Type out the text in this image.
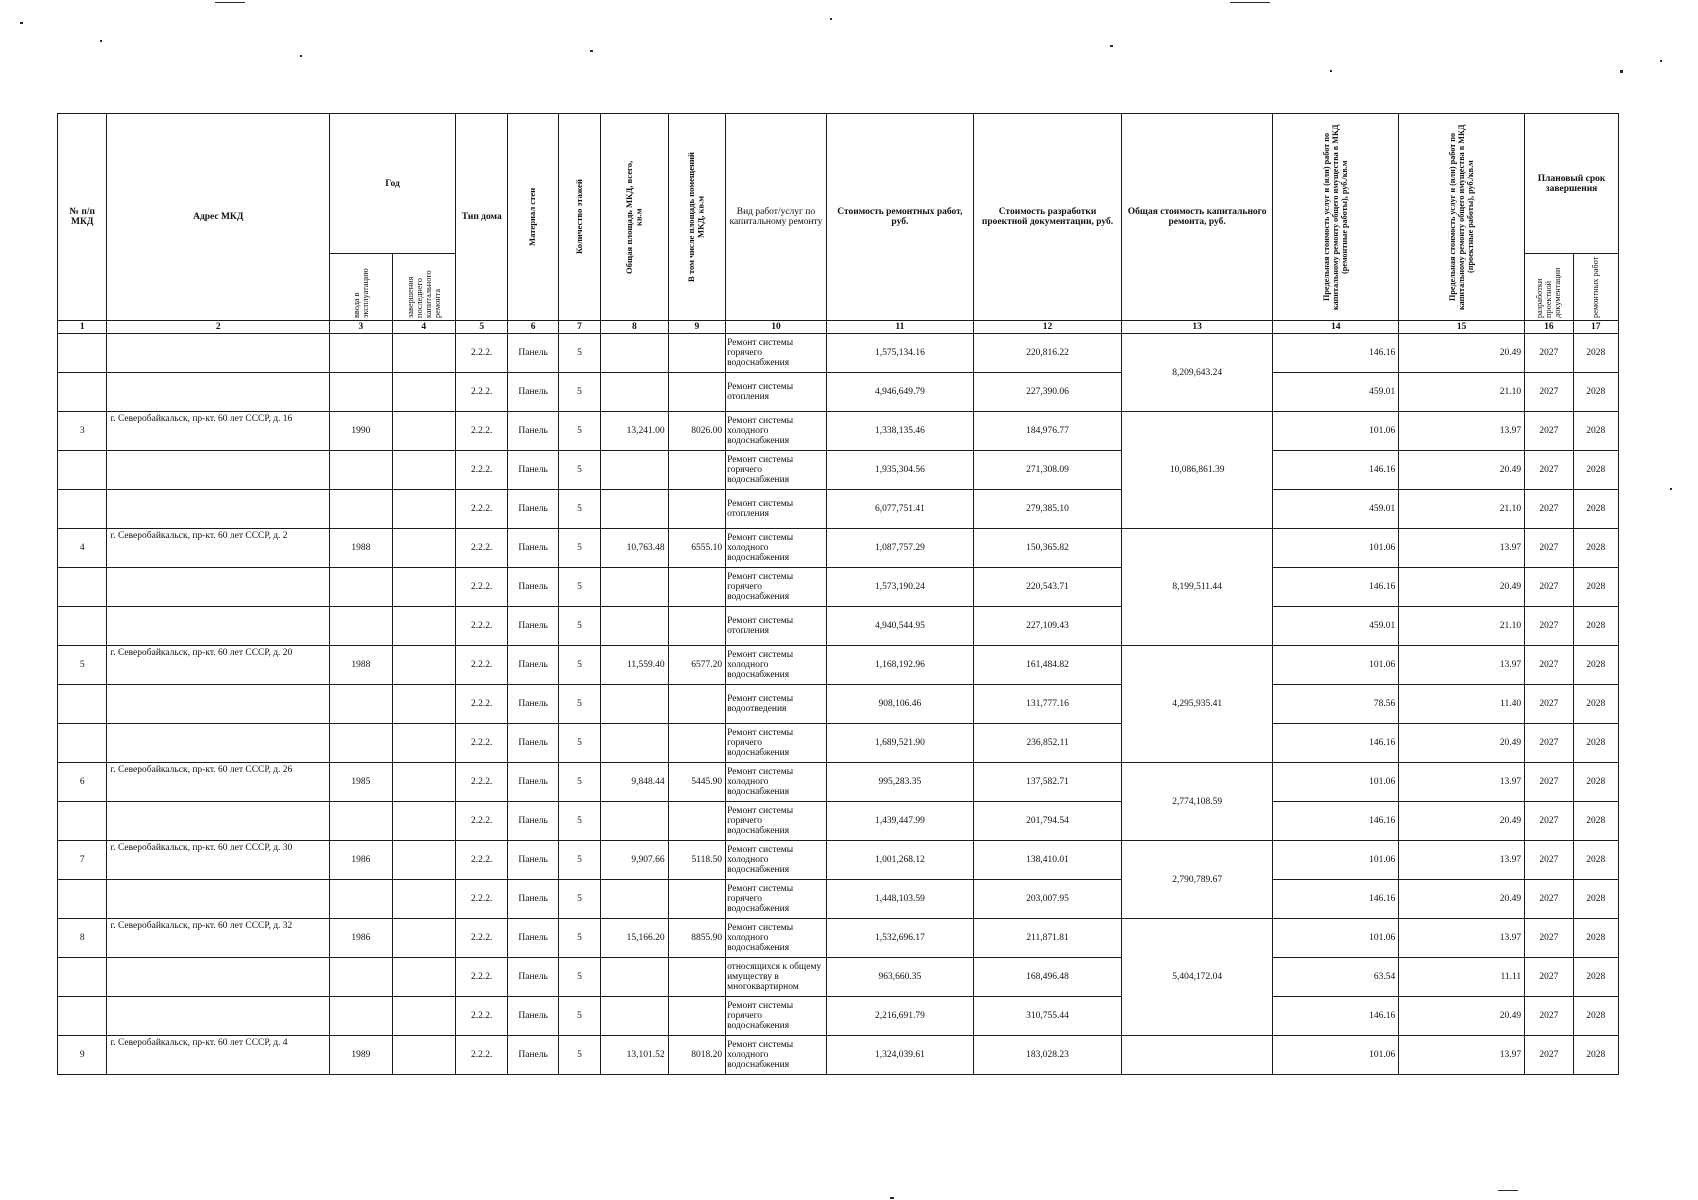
№ п/п МКД	Адрес МКД	Год		Тип дома	Материал стен	Количество этажей	Общая площадь МКД, всего, кв.м	В том числе площадь помещений МКД, кв.м	Вид работ/услуг по капитальному ремонту	Стоимость ремонтных работ, руб.	Стоимость разработки проектной документации, руб.	Общая стоимость капитального ремонта, руб.	Предельная стоимость услуг и (или) работ по капитальному ремонту общего имущества в МКД (ремонтные работы), руб./кв.м	Предельная стоимость услуг и (или) работ по капитальному ремонту общего имущества в МКД (проектные работы), руб./кв.м	Плановый срок завершения	

		ввода в эксплуатацию	завершения последнего капитального ремонта												разработки проектной документации	ремонтных работ

1	2	3	4	5	6	7	8	9	10	11	12	13	14	15	16	17
				2.2.2.	Панель	5			Ремонт системы горячего водоснабжения	1,575,134.16	220,816.22	8,209,643.24	146.16	20.49	2027	2028
				2.2.2.	Панель	5			Ремонт системы отопления	4,946,649.79	227,390.06		459.01	21.10	2027	2028
3	г. Северобайкальск, пр-кт. 60 лет СССР, д. 16	1990		2.2.2.	Панель	5	13,241.00	8026.00	Ремонт системы холодного водоснабжения	1,338,135.46	184,976.77	10,086,861.39	101.06	13.97	2027	2028
				2.2.2.	Панель	5			Ремонт системы горячего водоснабжения	1,935,304.56	271,308.09		146.16	20.49	2027	2028
				2.2.2.	Панель	5			Ремонт системы отопления	6,077,751.41	279,385.10		459.01	21.10	2027	2028
4	г. Северобайкальск, пр-кт. 60 лет СССР, д. 2	1988		2.2.2.	Панель	5	10,763.48	6555.10	Ремонт системы холодного водоснабжения	1,087,757.29	150,365.82	8,199,511.44	101.06	13.97	2027	2028
				2.2.2.	Панель	5			Ремонт системы горячего водоснабжения	1,573,190.24	220,543.71		146.16	20.49	2027	2028
				2.2.2.	Панель	5			Ремонт системы отопления	4,940,544.95	227,109.43		459.01	21.10	2027	2028
5	г. Северобайкальск, пр-кт. 60 лет СССР, д. 20	1988		2.2.2.	Панель	5	11,559.40	6577.20	Ремонт системы холодного водоснабжения	1,168,192.96	161,484.82	4,295,935.41	101.06	13.97	2027	2028
				2.2.2.	Панель	5			Ремонт системы водоотведения	908,106.46	131,777.16		78.56	11.40	2027	2028
				2.2.2.	Панель	5			Ремонт системы горячего водоснабжения	1,689,521.90	236,852.11		146.16	20.49	2027	2028
6	г. Северобайкальск, пр-кт. 60 лет СССР, д. 26	1985		2.2.2.	Панель	5	9,848.44	5445.90	Ремонт системы холодного водоснабжения	995,283.35	137,582.71	2,774,108.59	101.06	13.97	2027	2028
				2.2.2.	Панель	5			Ремонт системы горячего водоснабжения	1,439,447.99	201,794.54		146.16	20.49	2027	2028
7	г. Северобайкальск, пр-кт. 60 лет СССР, д. 30	1986		2.2.2.	Панель	5	9,907.66	5118.50	Ремонт системы холодного водоснабжения	1,001,268.12	138,410.01	2,790,789.67	101.06	13.97	2027	2028
				2.2.2.	Панель	5			Ремонт системы горячего водоснабжения	1,448,103.59	203,007.95		146.16	20.49	2027	2028
8	г. Северобайкальск, пр-кт. 60 лет СССР, д. 32	1986		2.2.2.	Панель	5	15,166.20	8855.90	Ремонт системы холодного водоснабжения	1,532,696.17	211,871.81	5,404,172.04	101.06	13.97	2027	2028
				2.2.2.	Панель	5			относящихся к общему имуществу в многоквартирном	963,660.35	168,496.48		63.54	11.11	2027	2028
				2.2.2.	Панель	5			Ремонт системы горячего водоснабжения	2,216,691.79	310,755.44		146.16	20.49	2027	2028
9	г. Северобайкальск, пр-кт. 60 лет СССР, д. 4	1989		2.2.2.	Панель	5	13,101.52	8018.20	Ремонт системы холодного водоснабжения	1,324,039.61	183,028.23		101.06	13.97	2027	2028
